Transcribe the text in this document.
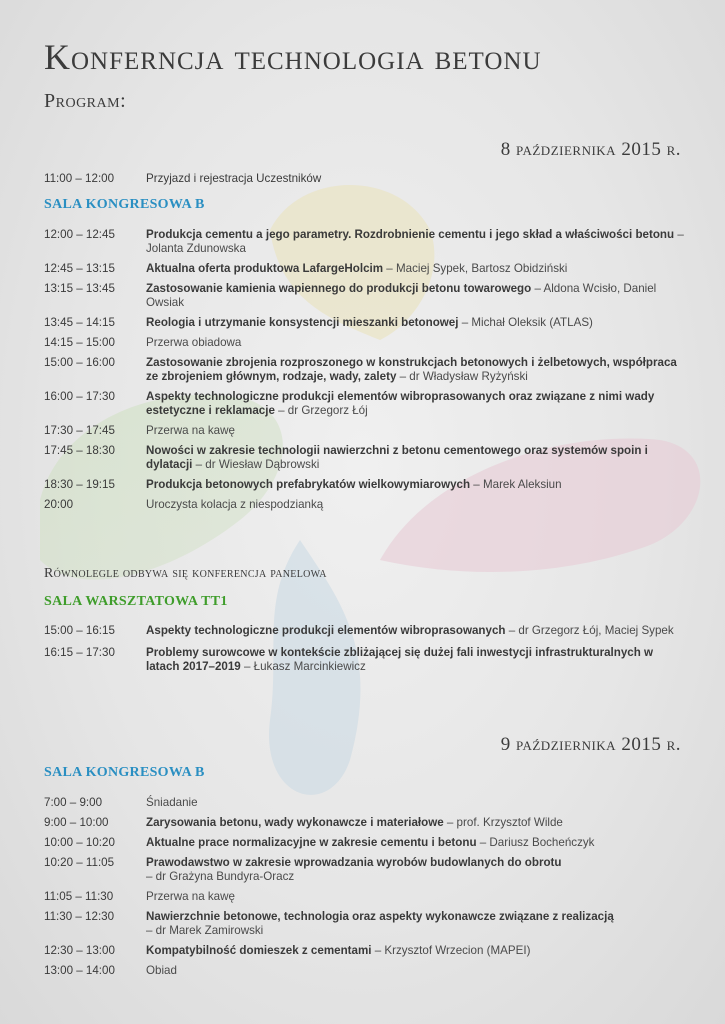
Konferncja technologia betonu
Program:
8 października 2015 r.
11:00 – 12:00	Przyjazd i rejestracja Uczestników
SALA KONGRESOWA B
12:00 – 12:45	Produkcja cementu a jego parametry. Rozdrobnienie cementu i jego skład a właściwości betonu – Jolanta Zdunowska
12:45 – 13:15	Aktualna oferta produktowa LafargeHolcim – Maciej Sypek, Bartosz Obidziński
13:15 – 13:45	Zastosowanie kamienia wapiennego do produkcji betonu towarowego – Aldona Wcisło, Daniel Owsiak
13:45 – 14:15	Reologia i utrzymanie konsystencji mieszanki betonowej – Michał Oleksik (ATLAS)
14:15 – 15:00	Przerwa obiadowa
15:00 – 16:00	Zastosowanie zbrojenia rozproszonego w konstrukcjach betonowych i żelbetowych, współpraca ze zbrojeniem głównym, rodzaje, wady, zalety – dr Władysław Ryżyński
16:00 – 17:30	Aspekty technologiczne produkcji elementów wibroprasowanych oraz związane z nimi wady estetyczne i reklamacje – dr Grzegorz Łój
17:30 – 17:45	Przerwa na kawę
17:45 – 18:30	Nowości w zakresie technologii nawierzchni z betonu cementowego oraz systemów spoin i dylatacji – dr Wiesław Dąbrowski
18:30 – 19:15	Produkcja betonowych prefabrykatów wielkowymiarowych – Marek Aleksiun
20:00	Uroczysta kolacja z niespodzianką
Równolegle odbywa się konferencja panelowa
SALA WARSZTATOWA TT1
15:00 – 16:15	Aspekty technologiczne produkcji elementów wibroprasowanych – dr Grzegorz Łój, Maciej Sypek
16:15 – 17:30	Problemy surowcowe w kontekście zbliżającej się dużej fali inwestycji infrastrukturalnych w latach 2017–2019 – Łukasz Marcinkiewicz
9 października 2015 r.
SALA KONGRESOWA B
7:00 – 9:00	Śniadanie
9:00 – 10:00	Zarysowania betonu, wady wykonawcze i materiałowe – prof. Krzysztof Wilde
10:00 – 10:20	Aktualne prace normalizacyjne w zakresie cementu i betonu – Dariusz Bocheńczyk
10:20 – 11:05	Prawodawstwo w zakresie wprowadzania wyrobów budowlanych do obrotu
– dr Grażyna Bundyra-Oracz
11:05 – 11:30	Przerwa na kawę
11:30 – 12:30	Nawierzchnie betonowe, technologia oraz aspekty wykonawcze związane z realizacją
– dr Marek Zamirowski
12:30 – 13:00	Kompatybilność domieszek z cementami – Krzysztof Wrzecion (MAPEI)
13:00 – 14:00	Obiad
